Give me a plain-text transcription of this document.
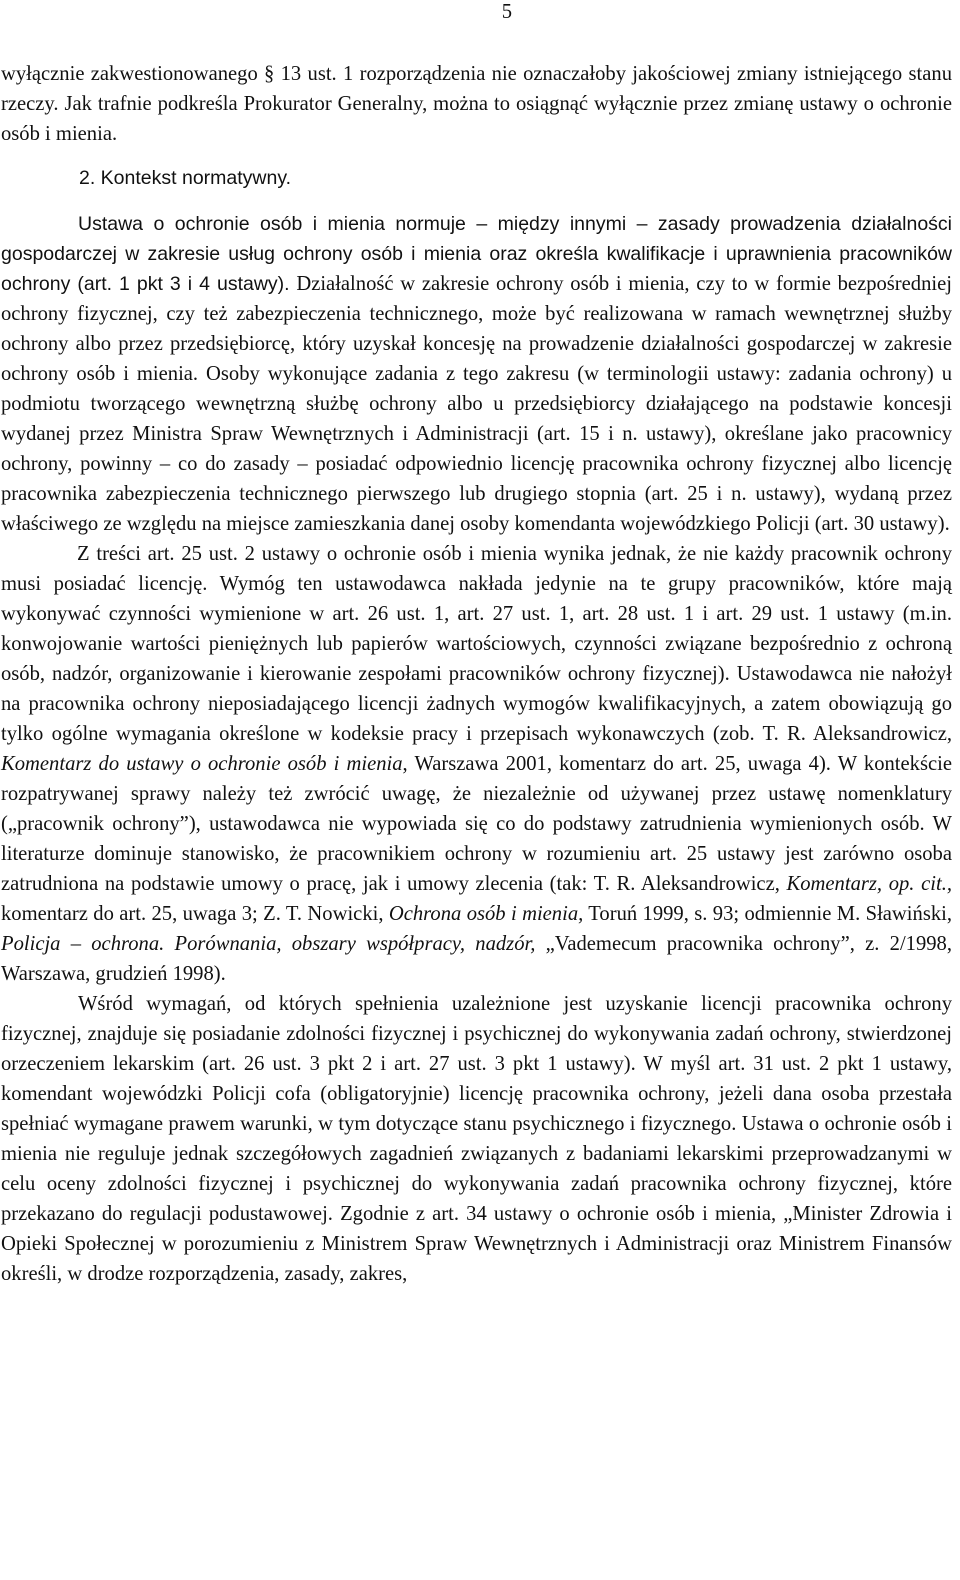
5

wyłącznie zakwestionowanego § 13 ust. 1 rozporządzenia nie oznaczałoby jakościowej zmiany istniejącego stanu rzeczy. Jak trafnie podkreśla Prokurator Generalny, można to osiągnąć wyłącznie przez zmianę ustawy o ochronie osób i mienia.

2. Kontekst normatywny.

Ustawa o ochronie osób i mienia normuje – między innymi – zasady prowadzenia działalności gospodarczej w zakresie usług ochrony osób i mienia oraz określa kwalifikacje i uprawnienia pracowników ochrony (art. 1 pkt 3 i 4 ustawy). Działalność w zakresie ochrony osób i mienia, czy to w formie bezpośredniej ochrony fizycznej, czy też zabezpieczenia technicznego, może być realizowana w ramach wewnętrznej służby ochrony albo przez przedsiębiorcę, który uzyskał koncesję na prowadzenie działalności gospodarczej w zakresie ochrony osób i mienia. Osoby wykonujące zadania z tego zakresu (w terminologii ustawy: zadania ochrony) u podmiotu tworzącego wewnętrzną służbę ochrony albo u przedsiębiorcy działającego na podstawie koncesji wydanej przez Ministra Spraw Wewnętrznych i Administracji (art. 15 i n. ustawy), określane jako pracownicy ochrony, powinny – co do zasady – posiadać odpowiednio licencję pracownika ochrony fizycznej albo licencję pracownika zabezpieczenia technicznego pierwszego lub drugiego stopnia (art. 25 i n. ustawy), wydaną przez właściwego ze względu na miejsce zamieszkania danej osoby komendanta wojewódzkiego Policji (art. 30 ustawy).

Z treści art. 25 ust. 2 ustawy o ochronie osób i mienia wynika jednak, że nie każdy pracownik ochrony musi posiadać licencję. Wymóg ten ustawodawca nakłada jedynie na te grupy pracowników, które mają wykonywać czynności wymienione w art. 26 ust. 1, art. 27 ust. 1, art. 28 ust. 1 i art. 29 ust. 1 ustawy (m.in. konwojowanie wartości pieniężnych lub papierów wartościowych, czynności związane bezpośrednio z ochroną osób, nadzór, organizowanie i kierowanie zespołami pracowników ochrony fizycznej). Ustawodawca nie nałożył na pracownika ochrony nieposiadającego licencji żadnych wymogów kwalifikacyjnych, a zatem obowiązują go tylko ogólne wymagania określone w kodeksie pracy i przepisach wykonawczych (zob. T. R. Aleksandrowicz, Komentarz do ustawy o ochronie osób i mienia, Warszawa 2001, komentarz do art. 25, uwaga 4). W kontekście rozpatrywanej sprawy należy też zwrócić uwagę, że niezależnie od używanej przez ustawę nomenklatury („pracownik ochrony”), ustawodawca nie wypowiada się co do podstawy zatrudnienia wymienionych osób. W literaturze dominuje stanowisko, że pracownikiem ochrony w rozumieniu art. 25 ustawy jest zarówno osoba zatrudniona na podstawie umowy o pracę, jak i umowy zlecenia (tak: T. R. Aleksandrowicz, Komentarz, op. cit., komentarz do art. 25, uwaga 3; Z. T. Nowicki, Ochrona osób i mienia, Toruń 1999, s. 93; odmiennie M. Sławiński, Policja – ochrona. Porównania, obszary współpracy, nadzór, „Vademecum pracownika ochrony”, z. 2/1998, Warszawa, grudzień 1998).

Wśród wymagań, od których spełnienia uzależnione jest uzyskanie licencji pracownika ochrony fizycznej, znajduje się posiadanie zdolności fizycznej i psychicznej do wykonywania zadań ochrony, stwierdzonej orzeczeniem lekarskim (art. 26 ust. 3 pkt 2 i art. 27 ust. 3 pkt 1 ustawy). W myśl art. 31 ust. 2 pkt 1 ustawy, komendant wojewódzki Policji cofa (obligatoryjnie) licencję pracownika ochrony, jeżeli dana osoba przestała spełniać wymagane prawem warunki, w tym dotyczące stanu psychicznego i fizycznego. Ustawa o ochronie osób i mienia nie reguluje jednak szczegółowych zagadnień związanych z badaniami lekarskimi przeprowadzanymi w celu oceny zdolności fizycznej i psychicznej do wykonywania zadań pracownika ochrony fizycznej, które przekazano do regulacji podustawowej. Zgodnie z art. 34 ustawy o ochronie osób i mienia, „Minister Zdrowia i Opieki Społecznej w porozumieniu z Ministrem Spraw Wewnętrznych i Administracji oraz Ministrem Finansów określi, w drodze rozporządzenia, zasady, zakres,
